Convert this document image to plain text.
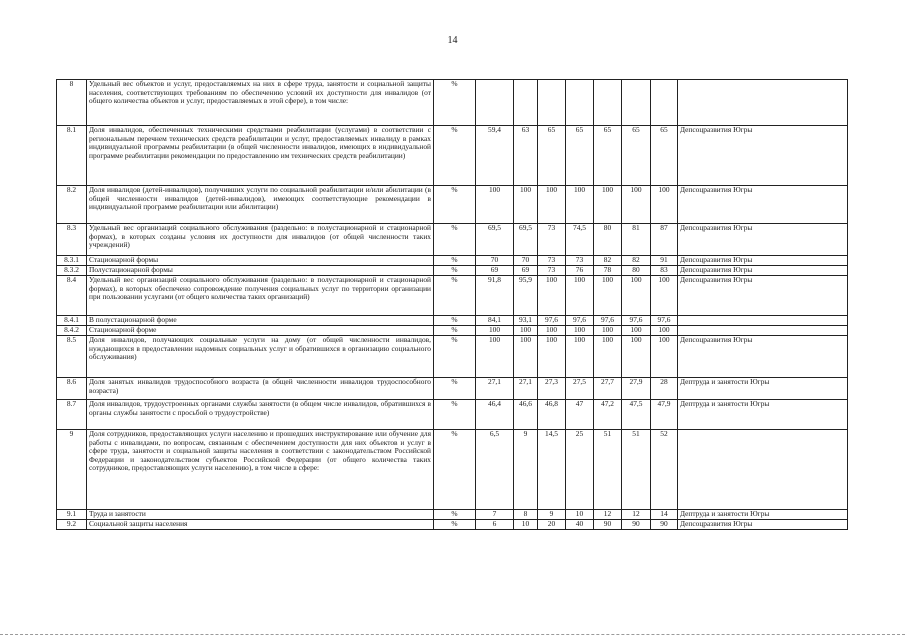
14
8	Удельный вес объектов и услуг, предоставляемых на них в сфере труда, занятости и социальной защиты населения, соответствующих требованиям по обеспечению условий их доступности для инвалидов (от общего количества объектов и услуг, предоставляемых в этой сфере), в том числе:	%								
8.1	Доля инвалидов, обеспеченных техническими средствами реабилитации (услугами) в соответствии с региональным перечнем технических средств реабилитации и услуг, предоставляемых инвалиду в рамках индивидуальной программы реабилитации (в общей численности инвалидов, имеющих в индивидуальной программе реабилитации рекомендации по предоставлению им технических средств реабилитации)	%	59,4	63	65	65	65	65	65	Депсоцразвития Югры
8.2	Доля инвалидов (детей-инвалидов), получивших услуги по социальной реабилитации и/или абилитации (в общей численности инвалидов (детей-инвалидов), имеющих соответствующие рекомендации в индивидуальной программе реабилитации или абилитации)	%	100	100	100	100	100	100	100	Депсоцразвития Югры
8.3	Удельный вес организаций социального обслуживания (раздельно: в полустационарной и стационарной формах), в которых созданы условия их доступности для инвалидов (от общей численности таких учреждений)	%	69,5	69,5	73	74,5	80	81	87	Депсоцразвития Югры
8.3.1	Стационарной формы	%	70	70	73	73	82	82	91	Депсоцразвития Югры
8.3.2	Полустационарной формы	%	69	69	73	76	78	80	83	Депсоцразвития Югры
8.4	Удельный вес организаций социального обслуживания (раздельно: в полустационарной и стационарной формах), в которых обеспечено сопровождение получения социальных услуг по территории организации при пользовании услугами (от общего количества таких организаций)	%	91,8	95,9	100	100	100	100	100	Депсоцразвития Югры
8.4.1	В полустационарной форме	%	84,1	93,1	97,6	97,6	97,6	97,6	97,6	
8.4.2	Стационарной форме	%	100	100	100	100	100	100	100	
8.5	Доля инвалидов, получающих социальные услуги на дому (от общей численности инвалидов, нуждающихся в предоставлении надомных социальных услуг и обратившихся в организацию социального обслуживания)	%	100	100	100	100	100	100	100	Депсоцразвития Югры
8.6	Доля занятых инвалидов трудоспособного возраста (в общей численности инвалидов трудоспособного возраста)	%	27,1	27,1	27,3	27,5	27,7	27,9	28	Дептруда и занятости Югры
8.7	Доля инвалидов, трудоустроенных органами службы занятости (в общем числе инвалидов, обратившихся в органы службы занятости с просьбой о трудоустройстве)	%	46,4	46,6	46,8	47	47,2	47,5	47,9	Дептруда и занятости Югры
9	Доля сотрудников, предоставляющих услуги населению и прошедших инструктирование или обучение для работы с инвалидами, по вопросам, связанным с обеспечением доступности для них объектов и услуг в сфере труда, занятости и социальной защиты населения в соответствии с законодательством Российской Федерации и законодательством субъектов Российской Федерации (от общего количества таких сотрудников, предоставляющих услуги населению), в том числе в сфере:	%	6,5	9	14,5	25	51	51	52	
9.1	Труда и занятости	%	7	8	9	10	12	12	14	Дептруда и занятости Югры
9.2	Социальной защиты населения	%	6	10	20	40	90	90	90	Депсоцразвития Югры
